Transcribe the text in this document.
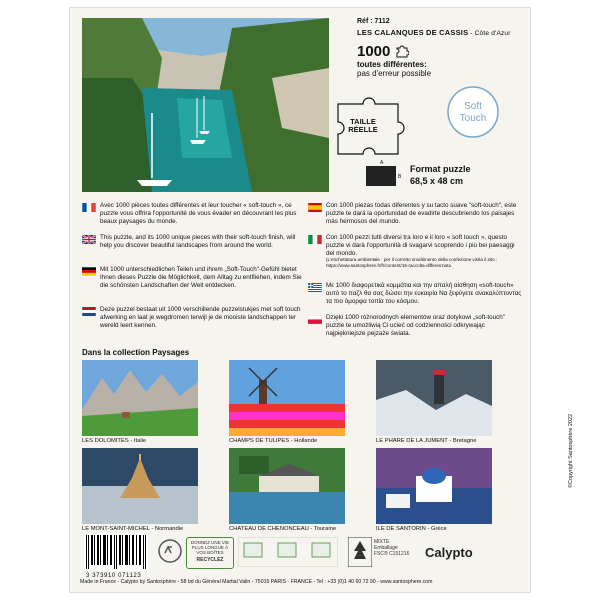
Réf : 7112
LES CALANQUES DE CASSIS - Côte d'Azur
1000
toutes différentes:
pas d'erreur possible
Soft
Touch
TAILLE
RÉELLE
A
B
Format puzzle
68,5 x 48 cm
Avec 1000 pièces toutes différentes et leur toucher « soft-touch », ce puzzle vous offrira l'opportunité de vous évader en découvrant les plus beaux paysages du monde.
This puzzle, and its 1000 unique pieces with their soft-touch finish, will help you discover beautiful landscapes from around the world.
Mit 1000 unterschiedlichen Teilen und ihrem „Soft-Touch"-Gefühl bietet Ihnen dieses Puzzle die Möglichkeit, dem Alltag zu entfliehen, indem Sie die schönsten Landschaften der Welt entdecken.
Deze puzzel bestaat uit 1000 verschillende puzzelstukjes met soft touch afwerking en laat je wegdromen terwijl je de mooiste landschappen ter wereld leert kennen.
Con 1000 piezas todas diferentes y su tacto suave "soft-touch", este puzzle te dará la oportunidad de evadirte descubriendo los paisajes más hermosos del mundo.
Con 1000 pezzi tutti diversi tra loro e il loro « soft touch », questo puzzle vi darà l'opportunità di svagarvi scoprendo i più bei paesaggi del mondo.
(L'etichettatura ambientale : per il corretto smaltimento della confezione visita il sito : https://www.santosphere.fr/fr/content/15-raccolta-differenziata
Με 1000 διαφορετικά κομμάτια και την απαλή αίσθηση «soft-touch» αυτό το παζλ θα σας δώσει την ευκαιρία Να ξεφύγετε ανακαλύπτοντας τα πιο όμορφα τοπία του κόσμου.
Dzięki 1000 różnorodnych elementów oraz dotykowi „soft-touch" puzzle te umożliwią Ci ucieć od codzienności odkrywając najpiękniejsze pejzaże świata.
Dans la collection Paysages
LES DOLOMITES - Italie	CHAMPS DE TULIPES - Hollande	LE PHARE DE LA JUMENT - Bretagne
LE MONT-SAINT-MICHEL - Normandie	CHATEAU DE CHENONCEAU - Touraine	ILE DE SANTORIN - Grèce
©Copyright Santosphère 2022
3 373910 071123
DONNEZ UNE VIE PLUS LONGUE À VOS BOÎTES
RECYCLEZ
MIXTE
Emballage
FSC® C151216	Calypto
Made in France - Calypto by Santosphère - 58 bd du Général Martial Valin - 75015 PARIS - FRANCE - Tel : +33 (0)1 40 60 72 90 - www.santosphere.com
